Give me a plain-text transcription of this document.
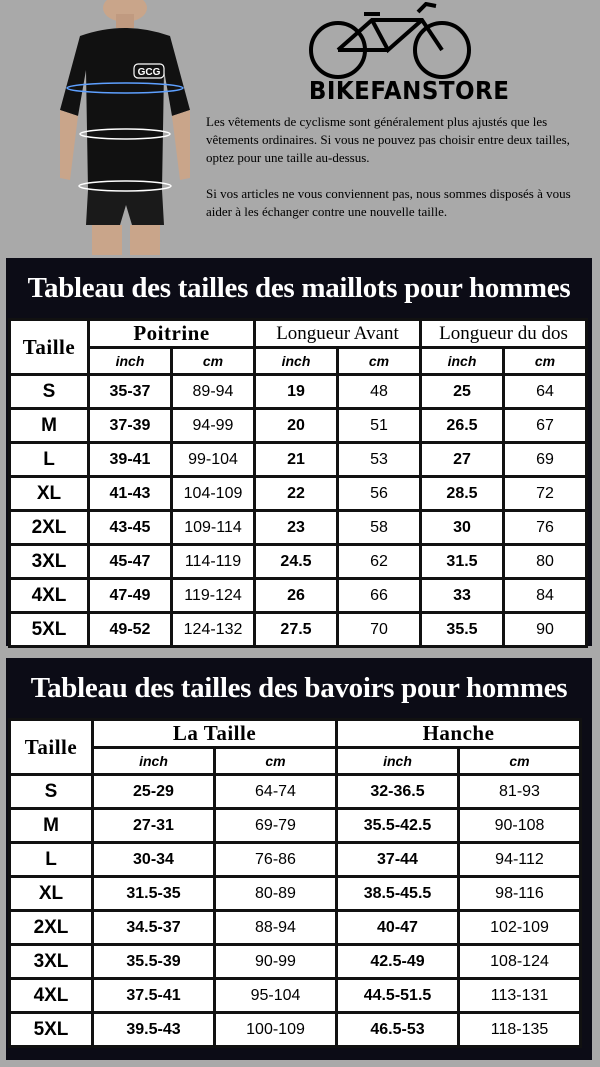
GCG
BIKEFANSTORE

Les vêtements de cyclisme sont généralement plus ajustés que les vêtements ordinaires. Si vous ne pouvez pas choisir entre deux tailles, optez pour une taille au-dessus.

Si vos articles ne vous conviennent pas, nous sommes disposés à vous aider à les échanger contre une nouvelle taille.

Tableau des tailles des maillots pour hommes
Taille	Poitrine		Longueur Avant		Longueur du dos	
	inch	cm	inch	cm	inch	cm
S	35-37	89-94	19	48	25	64
M	37-39	94-99	20	51	26.5	67
L	39-41	99-104	21	53	27	69
XL	41-43	104-109	22	56	28.5	72
2XL	43-45	109-114	23	58	30	76
3XL	45-47	114-119	24.5	62	31.5	80
4XL	47-49	119-124	26	66	33	84
5XL	49-52	124-132	27.5	70	35.5	90
Tableau des tailles des bavoirs pour hommes
Taille	La Taille		Hanche	
	inch	cm	inch	cm
S	25-29	64-74	32-36.5	81-93
M	27-31	69-79	35.5-42.5	90-108
L	30-34	76-86	37-44	94-112
XL	31.5-35	80-89	38.5-45.5	98-116
2XL	34.5-37	88-94	40-47	102-109
3XL	35.5-39	90-99	42.5-49	108-124
4XL	37.5-41	95-104	44.5-51.5	113-131
5XL	39.5-43	100-109	46.5-53	118-135
